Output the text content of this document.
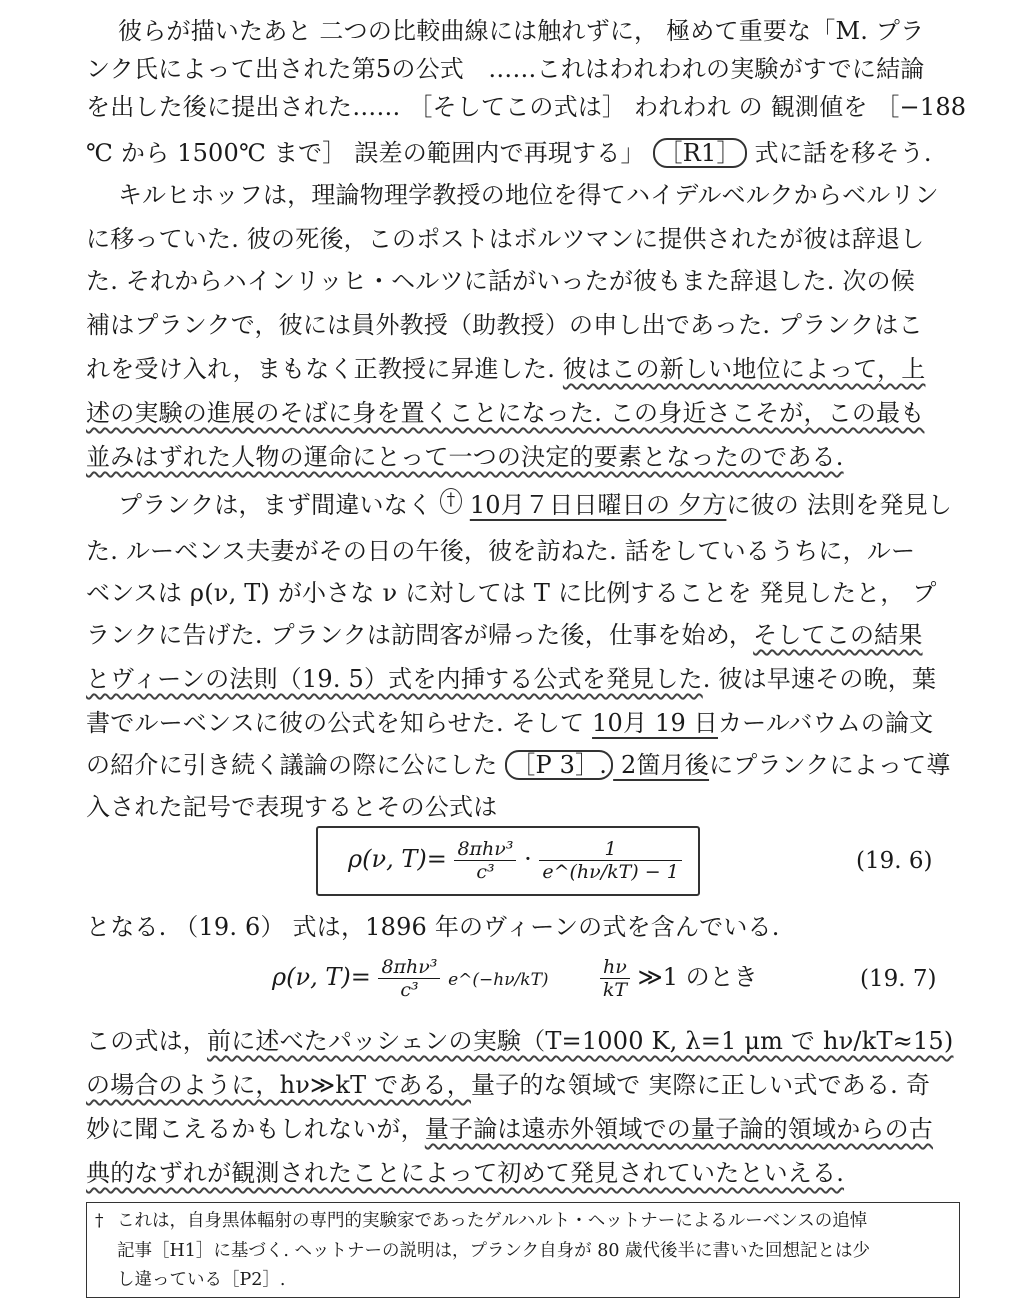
彼らが描いたあと 二つの比較曲線には触れずに， 極めて重要な「M. プラ
ンク氏によって出された第5の公式　……これはわれわれの実験がすでに結論
を出した後に提出された…… ［そしてこの式は］ われわれ の 観測値を ［−188
℃ から 1500℃ まで］ 誤差の範囲内で再現する」 ［R1］ 式に話を移そう.
キルヒホッフは，理論物理学教授の地位を得てハイデルベルクからベルリン
に移っていた. 彼の死後，このポストはボルツマンに提供されたが彼は辞退し
た. それからハインリッヒ・ヘルツに話がいったが彼もまた辞退した. 次の候
補はプランクで，彼には員外教授（助教授）の申し出であった. プランクはこ
れを受け入れ，まもなく正教授に昇進した. 彼はこの新しい地位によって，上
述の実験の進展のそばに身を置くことになった. この身近さこそが，この最も
並みはずれた人物の運命にとって一つの決定的要素となったのである.
プランクは，まず間違いなく † 10月７日日曜日の 夕方に彼の 法則を発見し
た. ルーベンス夫妻がその日の午後，彼を訪ねた. 話をしているうちに，ルー
ベンスは ρ(ν, T) が小さな ν に対しては T に比例することを 発見したと， プ
ランクに告げた. プランクは訪問客が帰った後，仕事を始め，そしてこの結果
とヴィーンの法則（19. 5）式を内挿する公式を発見した. 彼は早速その晩，葉
書でルーベンスに彼の公式を知らせた. そして 10月 19 日カールバウムの論文
の紹介に引き続く議論の際に公にした ［P 3］. 2箇月後にプランクによって導
入された記号で表現するとその公式は
ρ(ν, $T)= \frac{\text{8πhν³}}{\text{c³}} \cdot \frac{1}{e\^{}(h\nu/kT) - 1}$	(19. 6)
となる. （19. 6） 式は，1896 年のヴィーンの式を含んでいる.
ρ(ν, $T)= \frac{\text{8πhν³}}{\text{c³}}$ e^(−hν/kT)	$\frac{h\nu}{kT}$ ≫1 のとき	(19. 7)
この式は，前に述べたパッシェンの実験（T=1000 K, λ=1 μm で hν/kT≈15)
の場合のように，hν≫kT である，量子的な領域で 実際に正しい式である. 奇
妙に聞こえるかもしれないが，量子論は遠赤外領域での量子論的領域からの古
典的なずれが観測されたことによって初めて発見されていたといえる.
† これは，自身黒体輻射の専門的実験家であったゲルハルト・ヘットナーによるルーベンスの追悼
記事［H1］に基づく. ヘットナーの説明は，プランク自身が 80 歳代後半に書いた回想記とは少
し違っている［P2］.
